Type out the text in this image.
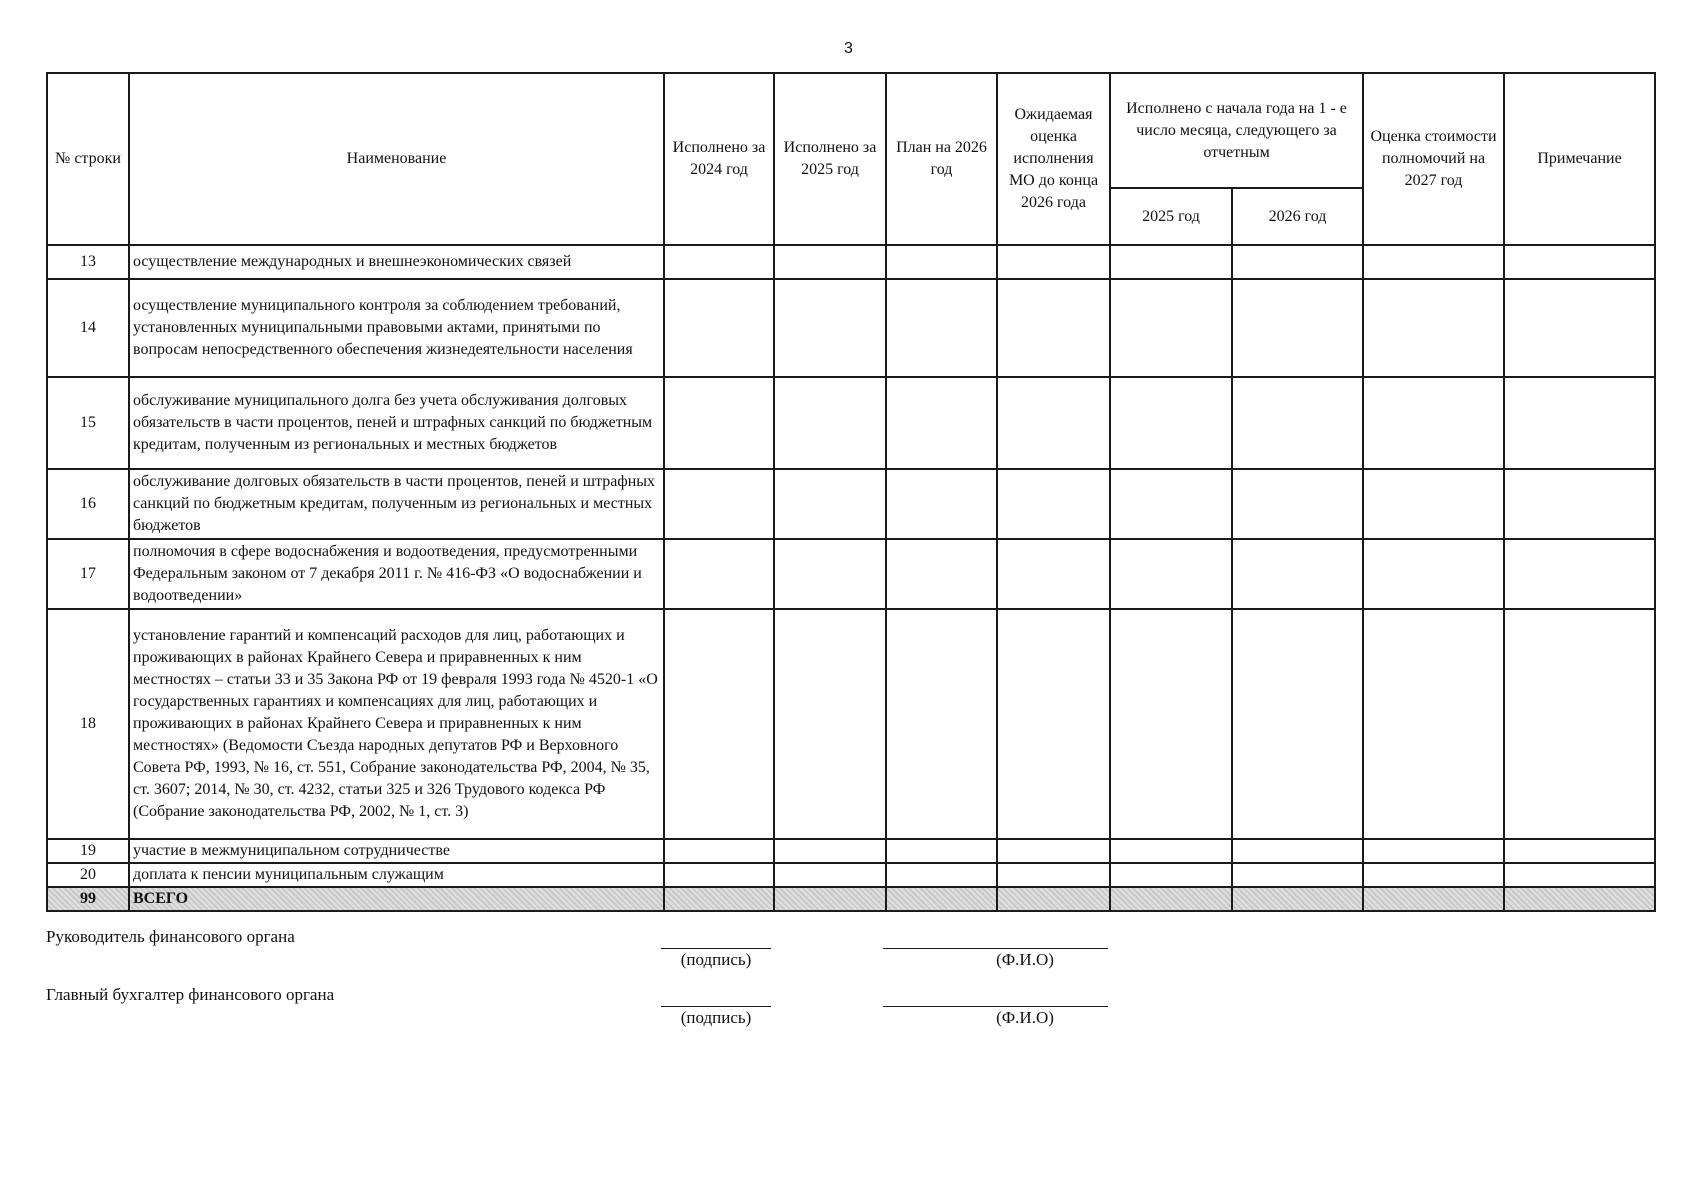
3
№ строки	Наименование	Исполнено за 2024 год	Исполнено за 2025 год	План на 2026 год	Ожидаемая оценка исполнения МО до конца 2026 года	Исполнено с начала года на 1 - е число месяца, следующего за отчетным		Оценка стоимости полномочий на 2027 год	Примечание
						2025 год	2026 год		
13	осуществление международных и внешнеэкономических связей								
14	осуществление муниципального контроля за соблюдением требований, установленных муниципальными правовыми актами, принятыми по вопросам непосредственного обеспечения жизнедеятельности населения								
15	обслуживание муниципального долга без учета обслуживания долговых обязательств в части процентов, пеней и штрафных санкций по бюджетным кредитам, полученным из региональных и местных бюджетов								
16	обслуживание долговых обязательств в части процентов, пеней и штрафных санкций по бюджетным кредитам, полученным из региональных и местных бюджетов								
17	полномочия в сфере водоснабжения и водоотведения, предусмотренными Федеральным законом от 7 декабря 2011 г. № 416-ФЗ «О водоснабжении и водоотведении»								
18	установление гарантий и компенсаций расходов для лиц, работающих и проживающих в районах Крайнего Севера и приравненных к ним местностях – статьи 33 и 35 Закона РФ от 19 февраля 1993 года № 4520-1 «О государственных гарантиях и компенсациях для лиц, работающих и проживающих в районах Крайнего Севера и приравненных к ним местностях» (Ведомости Съезда народных депутатов РФ и Верховного Совета РФ, 1993, № 16, ст. 551, Собрание законодательства РФ, 2004, № 35, ст. 3607; 2014, № 30, ст. 4232, статьи 325 и 326 Трудового кодекса РФ (Собрание законодательства РФ, 2002, № 1, ст. 3)								
19	участие в межмуниципальном сотрудничестве								
20	доплата к пенсии муниципальным служащим								
99	ВСЕГО								
Руководитель финансового органа
(подпись)	(Ф.И.О)
Главный бухгалтер финансового органа
(подпись)	(Ф.И.О)
